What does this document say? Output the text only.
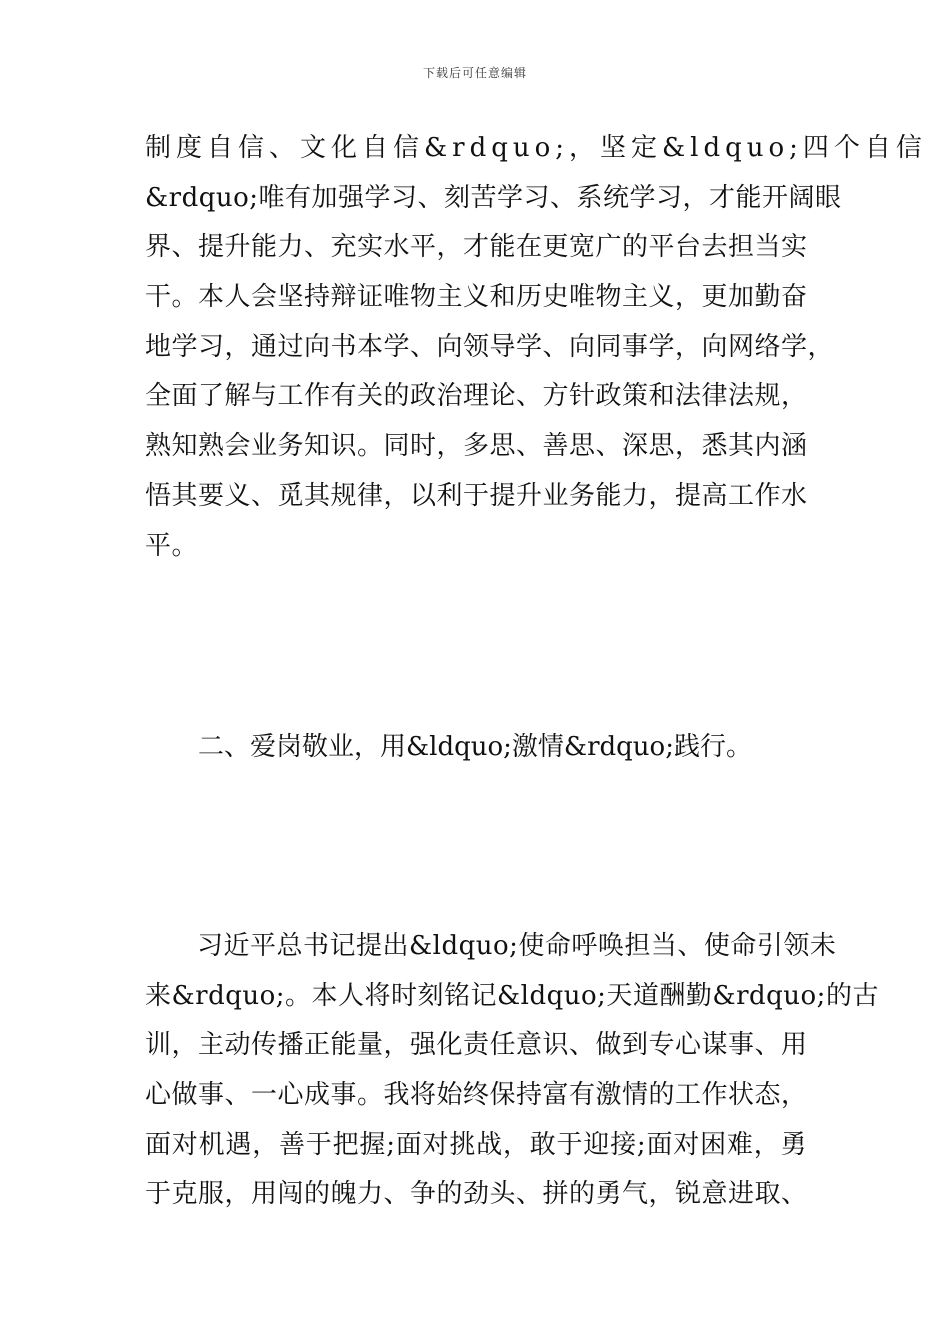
下载后可任意编辑
制度自信、文化自信&rdquo;，坚定&ldquo;四个自信
&rdquo;唯有加强学习、刻苦学习、系统学习，才能开阔眼
界、提升能力、充实水平，才能在更宽广的平台去担当实
干。本人会坚持辩证唯物主义和历史唯物主义，更加勤奋
地学习，通过向书本学、向领导学、向同事学，向网络学，
全面了解与工作有关的政治理论、方针政策和法律法规，
熟知熟会业务知识。同时，多思、善思、深思，悉其内涵
悟其要义、觅其规律，以利于提升业务能力，提高工作水
平。
二、爱岗敬业，用&ldquo;激情&rdquo;践行。
习近平总书记提出&ldquo;使命呼唤担当、使命引领未
来&rdquo;。本人将时刻铭记&ldquo;天道酬勤&rdquo;的古
训，主动传播正能量，强化责任意识、做到专心谋事、用
心做事、一心成事。我将始终保持富有激情的工作状态，
面对机遇，善于把握;面对挑战，敢于迎接;面对困难，勇
于克服，用闯的魄力、争的劲头、拼的勇气，锐意进取、
